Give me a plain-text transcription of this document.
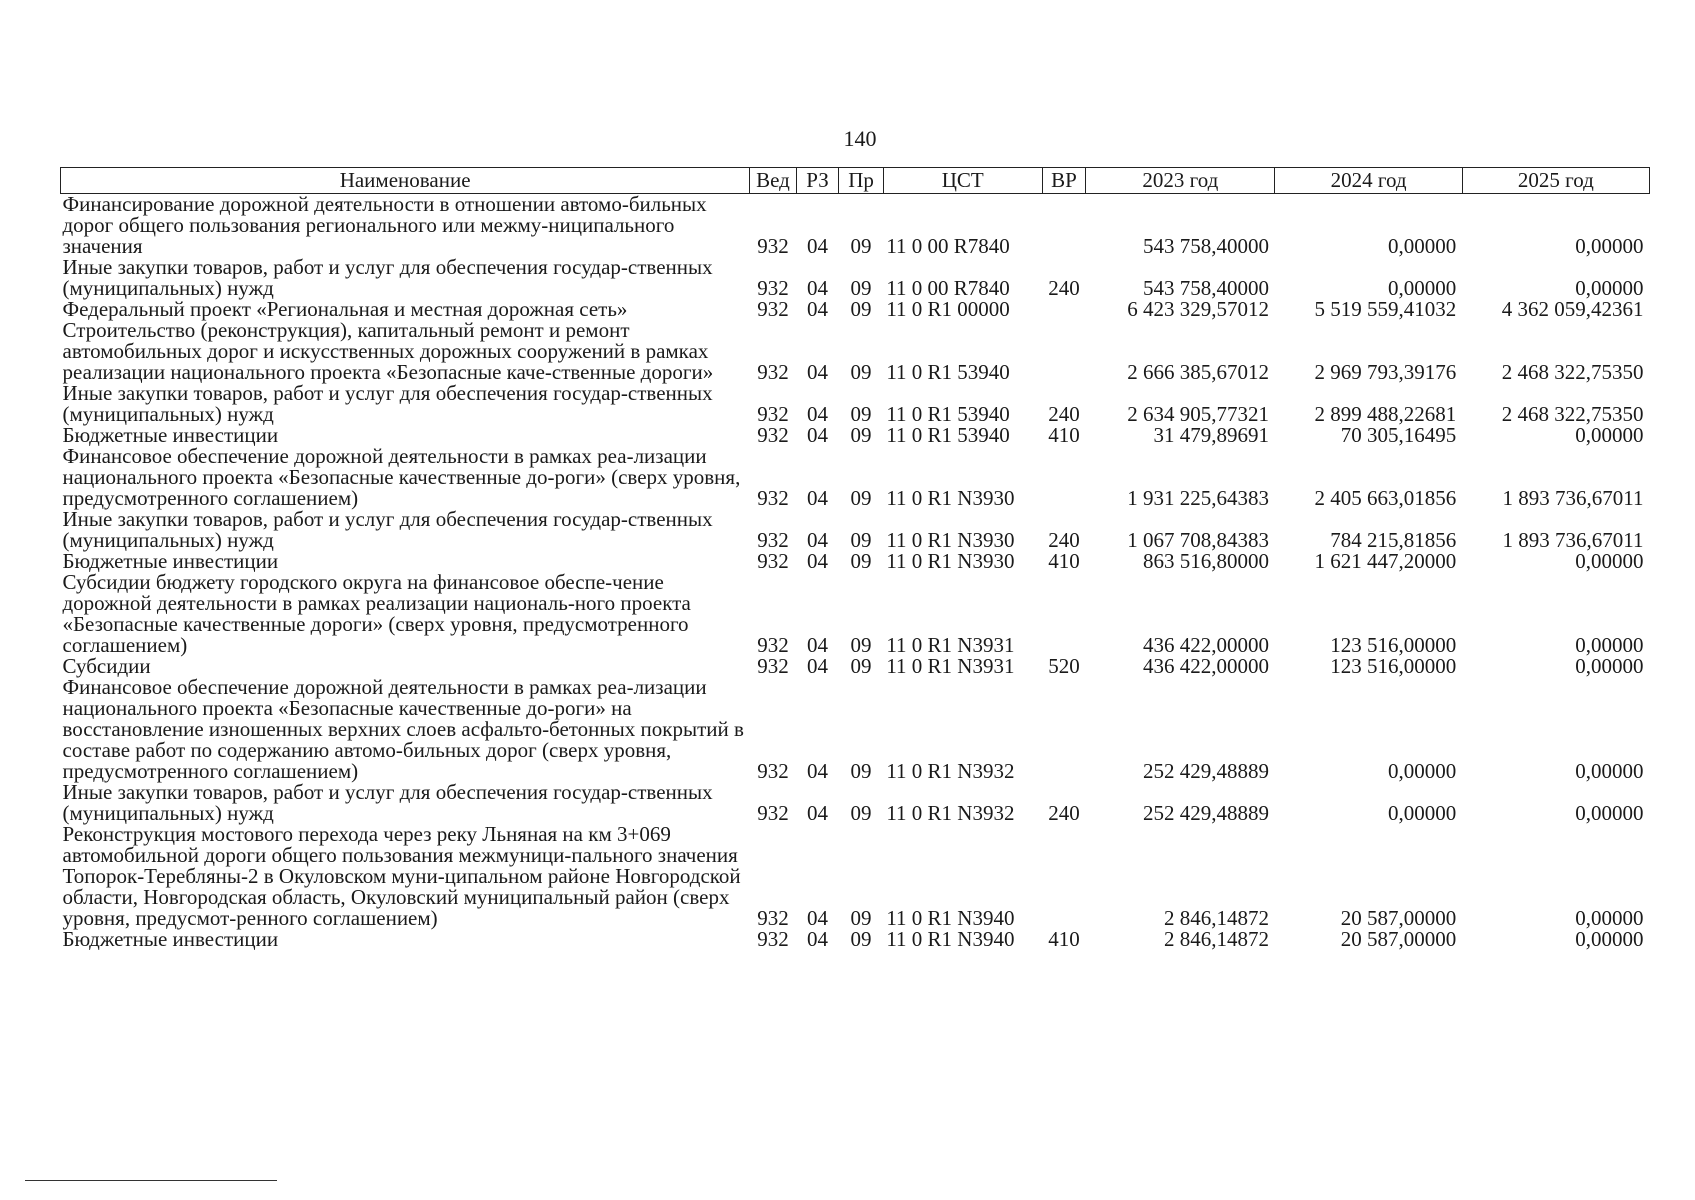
140
Наименование	Вед	РЗ	Пр	ЦСТ	ВР	2023 год	2024 год	2025 год
Финансирование дорожной деятельности в отношении автомо-бильных дорог общего пользования регионального или межму-ниципального значения	932	04	09	11 0 00 R7840		543 758,40000	0,00000	0,00000
Иные закупки товаров, работ и услуг для обеспечения государ-ственных (муниципальных) нужд	932	04	09	11 0 00 R7840	240	543 758,40000	0,00000	0,00000
Федеральный проект «Региональная и местная дорожная сеть»	932	04	09	11 0 R1 00000		6 423 329,57012	5 519 559,41032	4 362 059,42361
Строительство (реконструкция), капитальный ремонт и ремонт автомобильных дорог и искусственных дорожных сооружений в рамках реализации национального проекта «Безопасные каче-ственные дороги»	932	04	09	11 0 R1 53940		2 666 385,67012	2 969 793,39176	2 468 322,75350
Иные закупки товаров, работ и услуг для обеспечения государ-ственных (муниципальных) нужд	932	04	09	11 0 R1 53940	240	2 634 905,77321	2 899 488,22681	2 468 322,75350
Бюджетные инвестиции	932	04	09	11 0 R1 53940	410	31 479,89691	70 305,16495	0,00000
Финансовое обеспечение дорожной деятельности в рамках реа-лизации национального проекта «Безопасные качественные до-роги» (сверх уровня, предусмотренного соглашением)	932	04	09	11 0 R1 N3930		1 931 225,64383	2 405 663,01856	1 893 736,67011
Иные закупки товаров, работ и услуг для обеспечения государ-ственных (муниципальных) нужд	932	04	09	11 0 R1 N3930	240	1 067 708,84383	784 215,81856	1 893 736,67011
Бюджетные инвестиции	932	04	09	11 0 R1 N3930	410	863 516,80000	1 621 447,20000	0,00000
Субсидии бюджету городского округа на финансовое обеспе-чение дорожной деятельности в рамках реализации националь-ного проекта «Безопасные качественные дороги» (сверх уровня, предусмотренного соглашением)	932	04	09	11 0 R1 N3931		436 422,00000	123 516,00000	0,00000
Субсидии	932	04	09	11 0 R1 N3931	520	436 422,00000	123 516,00000	0,00000
Финансовое обеспечение дорожной деятельности в рамках реа-лизации национального проекта «Безопасные качественные до-роги» на восстановление изношенных верхних слоев асфальто-бетонных покрытий в составе работ по содержанию автомо-бильных дорог (сверх уровня, предусмотренного соглашением)	932	04	09	11 0 R1 N3932		252 429,48889	0,00000	0,00000
Иные закупки товаров, работ и услуг для обеспечения государ-ственных (муниципальных) нужд	932	04	09	11 0 R1 N3932	240	252 429,48889	0,00000	0,00000
Реконструкция мостового перехода через реку Льняная на км 3+069 автомобильной дороги общего пользования межмуници-пального значения Топорок-Теребляны-2 в Окуловском муни-ципальном районе Новгородской области, Новгородская область, Окуловский муниципальный район (сверх уровня, предусмот-ренного соглашением)	932	04	09	11 0 R1 N3940		2 846,14872	20 587,00000	0,00000
Бюджетные инвестиции	932	04	09	11 0 R1 N3940	410	2 846,14872	20 587,00000	0,00000
